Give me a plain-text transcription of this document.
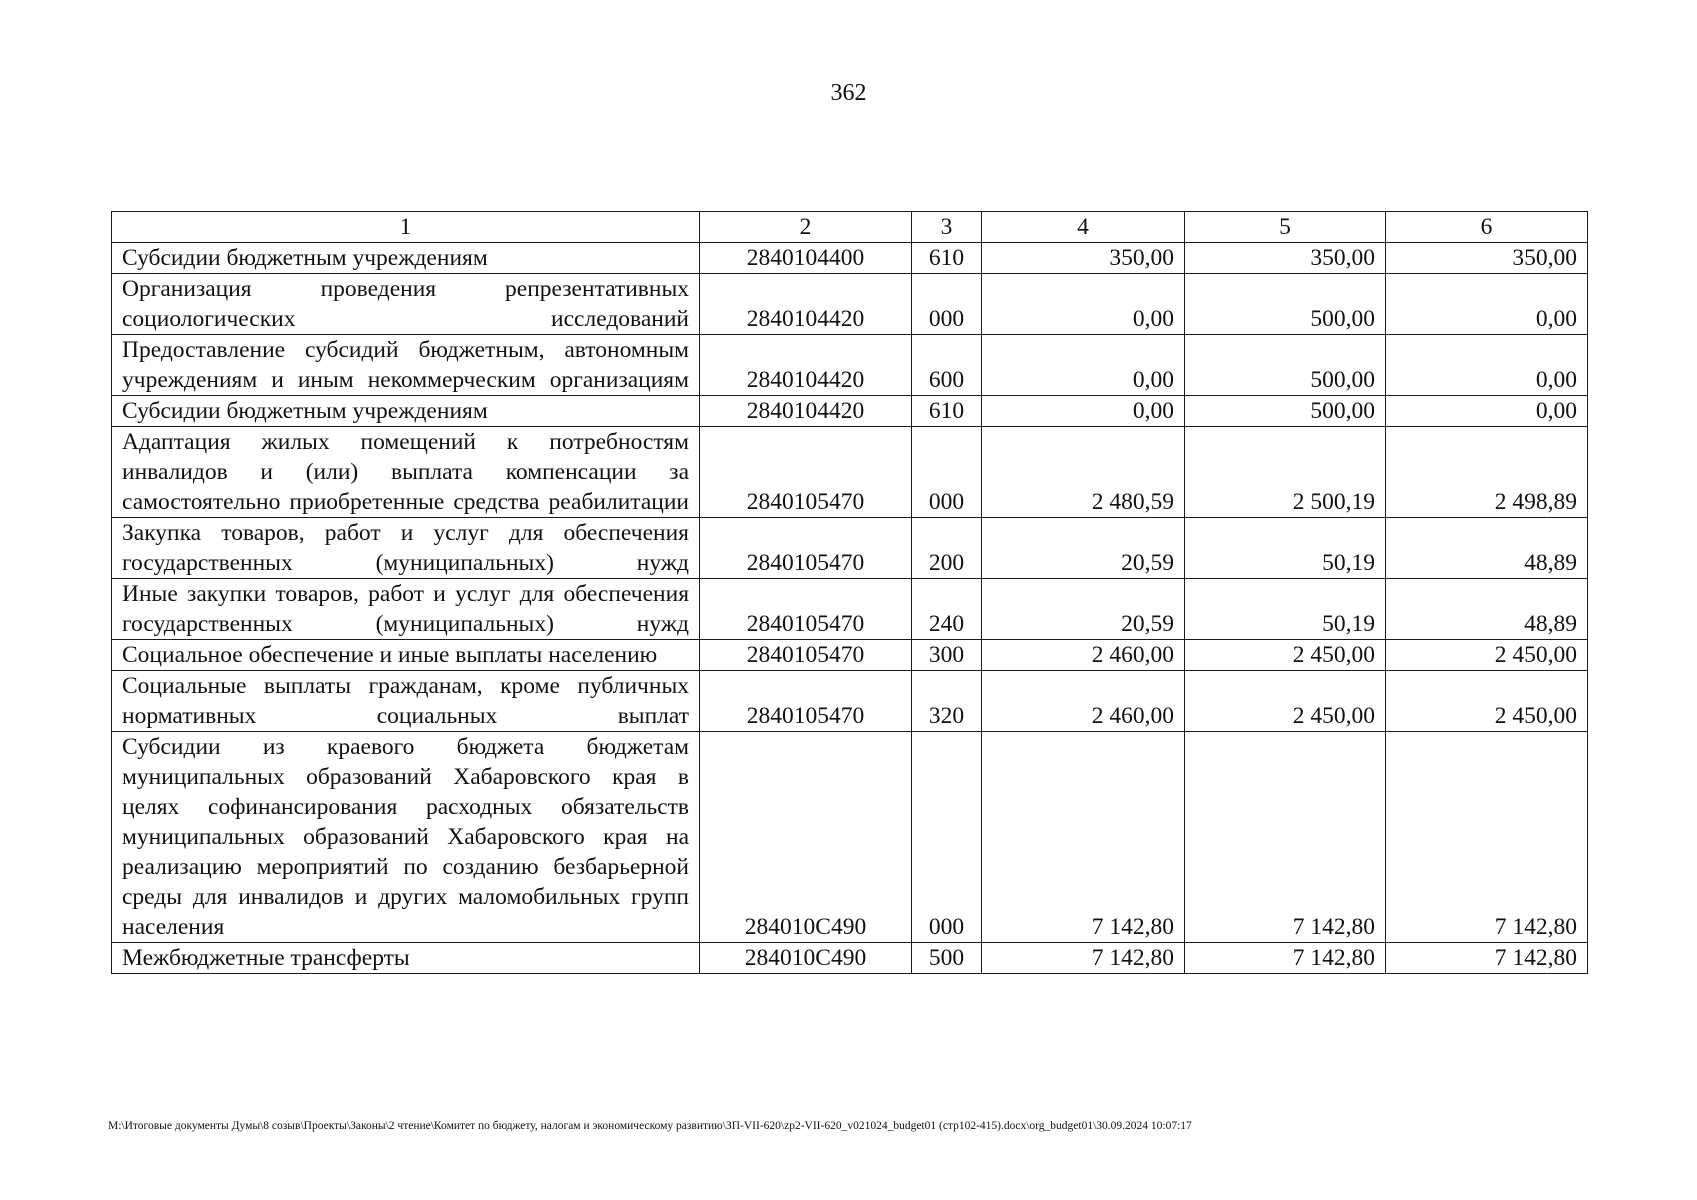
362
1	2	3	4	5	6
Субсидии бюджетным учреждениям	2840104400	610	350,00	350,00	350,00
Организация проведения репрезентативных социологических исследований	2840104420	000	0,00	500,00	0,00
Предоставление субсидий бюджетным, автономным учреждениям и иным некоммерческим организациям	2840104420	600	0,00	500,00	0,00
Субсидии бюджетным учреждениям	2840104420	610	0,00	500,00	0,00
Адаптация жилых помещений к потребностям инвалидов и (или) выплата компенсации за самостоятельно приобретенные средства реабилитации	2840105470	000	2 480,59	2 500,19	2 498,89
Закупка товаров, работ и услуг для обеспечения государственных (муниципальных) нужд	2840105470	200	20,59	50,19	48,89
Иные закупки товаров, работ и услуг для обеспечения государственных (муниципальных) нужд	2840105470	240	20,59	50,19	48,89
Социальное обеспечение и иные выплаты населению	2840105470	300	2 460,00	2 450,00	2 450,00
Социальные выплаты гражданам, кроме публичных нормативных социальных выплат	2840105470	320	2 460,00	2 450,00	2 450,00
Субсидии из краевого бюджета бюджетам муниципальных образований Хабаровского края в целях софинансирования расходных обязательств муниципальных образований Хабаровского края на реализацию мероприятий по созданию безбарьерной среды для инвалидов и других маломобильных групп населения	284010С490	000	7 142,80	7 142,80	7 142,80
Межбюджетные трансферты	284010С490	500	7 142,80	7 142,80	7 142,80
M:\Итоговые документы Думы\8 созыв\Проекты\Законы\2 чтение\Комитет по бюджету, налогам и экономическому развитию\ЗП-VII-620\zp2-VII-620_v021024_budget01 (стр102-415).docx\org_budget01\30.09.2024 10:07:17
